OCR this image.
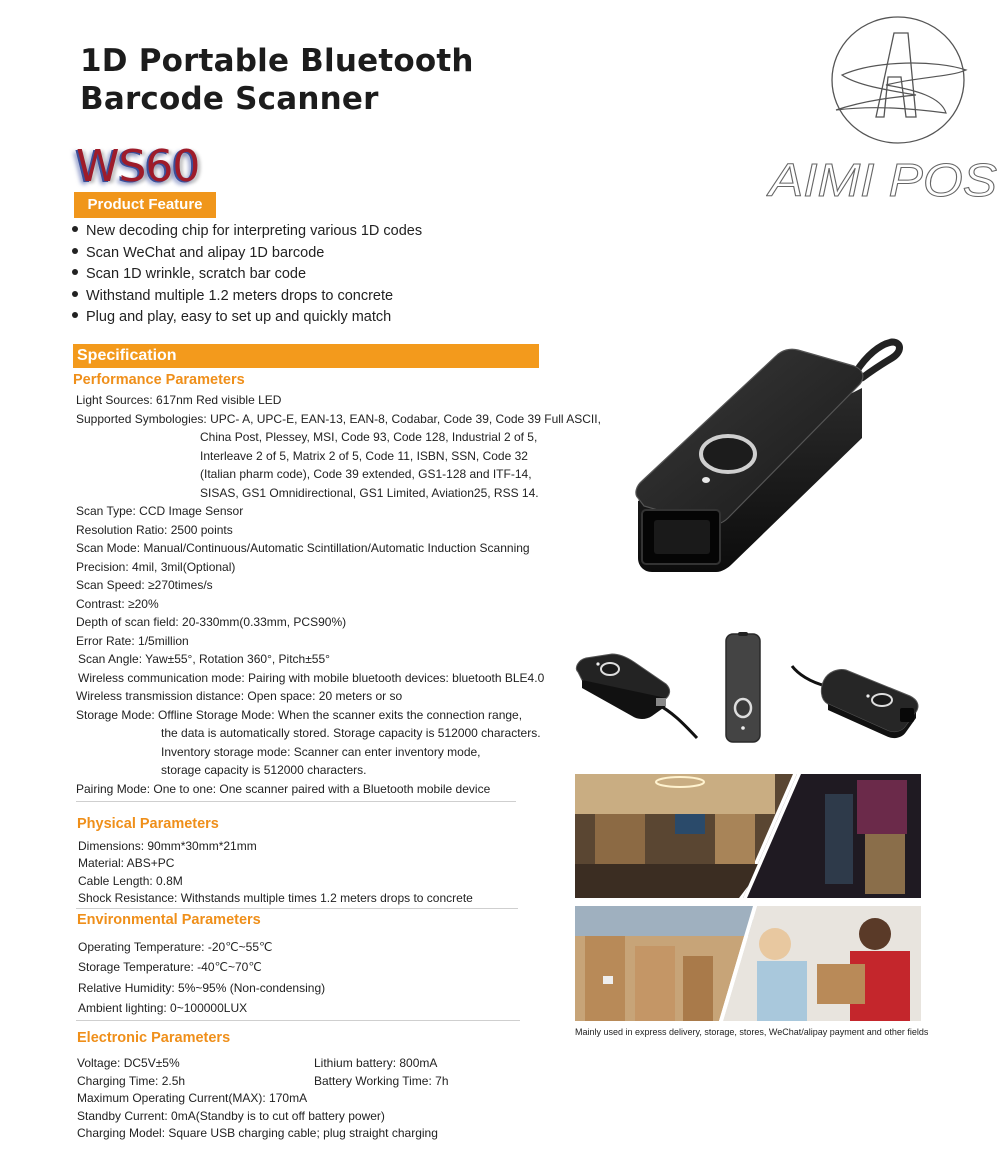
1D Portable Bluetooth
Barcode Scanner
WS60
Product Feature	AIMI POS
New decoding chip for interpreting various 1D codes
Scan WeChat and alipay 1D barcode
Scan 1D wrinkle, scratch bar code
Withstand multiple 1.2 meters drops to concrete
Plug and play, easy to set up and quickly match
Specification
Performance Parameters
Light Sources: 617nm Red visible LED
Supported Symbologies: UPC- A, UPC-E, EAN-13, EAN-8, Codabar, Code 39, Code 39 Full ASCII,
China Post, Plessey, MSI, Code 93, Code 128, Industrial 2 of 5,
Interleave 2 of 5, Matrix 2 of 5, Code 11, ISBN, SSN, Code 32
(Italian pharm code), Code 39 extended, GS1-128 and ITF-14,
SISAS, GS1 Omnidirectional, GS1 Limited, Aviation25, RSS 14.
Scan Type: CCD Image Sensor
Resolution Ratio: 2500 points
Scan Mode: Manual/Continuous/Automatic Scintillation/Automatic Induction Scanning
Precision: 4mil, 3mil(Optional)
Scan Speed: ≥270times/s
Contrast: ≥20%
Depth of scan field: 20-330mm(0.33mm, PCS90%)
Error Rate: 1/5million
Scan Angle: Yaw±55°, Rotation 360°, Pitch±55°
Wireless communication mode: Pairing with mobile bluetooth devices: bluetooth BLE4.0
Wireless transmission distance: Open space: 20 meters or so
Storage Mode: Offline Storage Mode: When the scanner exits the connection range,
the data is automatically stored. Storage capacity is 512000 characters.
Inventory storage mode: Scanner can enter inventory mode,
storage capacity is 512000 characters.
Pairing Mode: One to one: One scanner paired with a Bluetooth mobile device
Physical Parameters
Dimensions: 90mm*30mm*21mm
Material: ABS+PC
Cable Length: 0.8M
Shock Resistance: Withstands multiple times 1.2 meters drops to concrete
Environmental Parameters
Operating Temperature: -20℃~55℃
Storage Temperature: -40℃~70℃
Relative Humidity: 5%~95% (Non-condensing)
Ambient lighting: 0~100000LUX
Electronic Parameters
Voltage: DC5V±5%
Charging Time: 2.5h
Maximum Operating Current(MAX): 170mA
Standby Current: 0mA(Standby is to cut off battery power)
Charging Model: Square USB charging cable; plug straight charging
Lithium battery: 800mA
Battery Working Time: 7h
Mainly used in express delivery, storage, stores, WeChat/alipay payment and other fields
